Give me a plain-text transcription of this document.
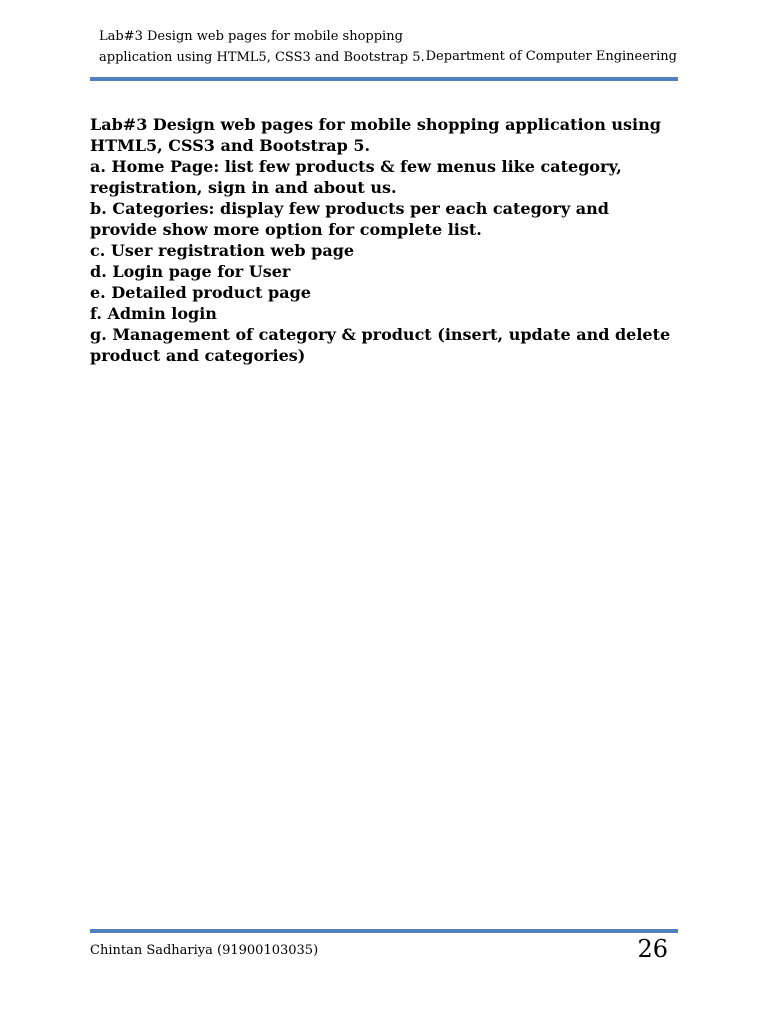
Lab#3 Design web pages for mobile shopping
application using HTML5, CSS3 and Bootstrap 5. Department of Computer Engineering

Lab#3 Design web pages for mobile shopping application using HTML5, CSS3 and Bootstrap 5.

a. Home Page: list few products & few menus like category, registration, sign in and about us.

b. Categories: display few products per each category and provide show more option for complete list.

c. User registration web page

d. Login page for User

e. Detailed product page

f. Admin login

g. Management of category & product (insert, update and delete product and categories)

Chintan Sadhariya (91900103035)	26
